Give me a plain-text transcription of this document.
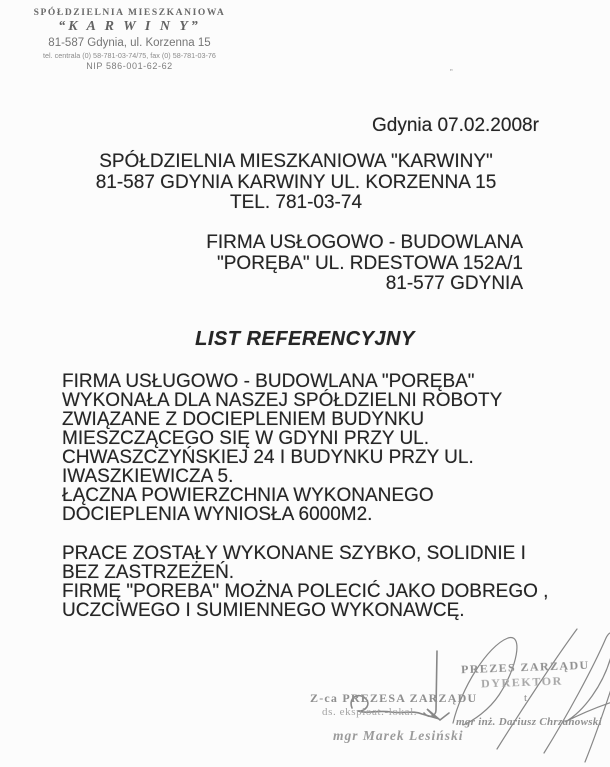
SPÓŁDZIELNIA MIESZKANIOWA
“K A R W I N Y”
81-587 Gdynia, ul. Korzenna 15
tel. centrala (0) 58-781-03-74/75, fax (0) 58-781-03-76
NIP 586-001-62-62	„
Gdynia 07.02.2008r
SPÓŁDZIELNIA MIESZKANIOWA "KARWINY"
81-587 GDYNIA KARWINY UL. KORZENNA 15
TEL. 781-03-74
FIRMA USŁOGOWO - BUDOWLANA
"PORĘBA" UL. RDESTOWA 152A/1
81-577 GDYNIA
LIST REFERENCYJNY
FIRMA USŁUGOWO - BUDOWLANA "PORĘBA"
WYKONAŁA DLA NASZEJ SPÓŁDZIELNI ROBOTY
ZWIĄZANE Z DOCIEPLENIEM BUDYNKU
MIESZCZĄCEGO SIĘ W GDYNI PRZY UL.
CHWASZCZYŃSKIEJ 24 I BUDYNKU PRZY UL.
IWASZKIEWICZA 5.
ŁĄCZNA POWIERZCHNIA WYKONANEGO
DOCIEPLENIA WYNIOSŁA 6000M2.
PRACE ZOSTAŁY WYKONANE SZYBKO, SOLIDNIE I
BEZ ZASTRZEŻEŃ.
FIRMĘ "POREBA" MOŻNA POLECIĆ JAKO DOBREGO ,
UCZCIWEGO I SUMIENNEGO WYKONAWCĘ.
Z-ca PREZESA ZARZĄDU
ds. eksploat.-lokal.
mgr Marek Lesiński
PREZES ZARZĄDU
DYREKTOR
t
mgr inż. Dariusz Chrzanowski
